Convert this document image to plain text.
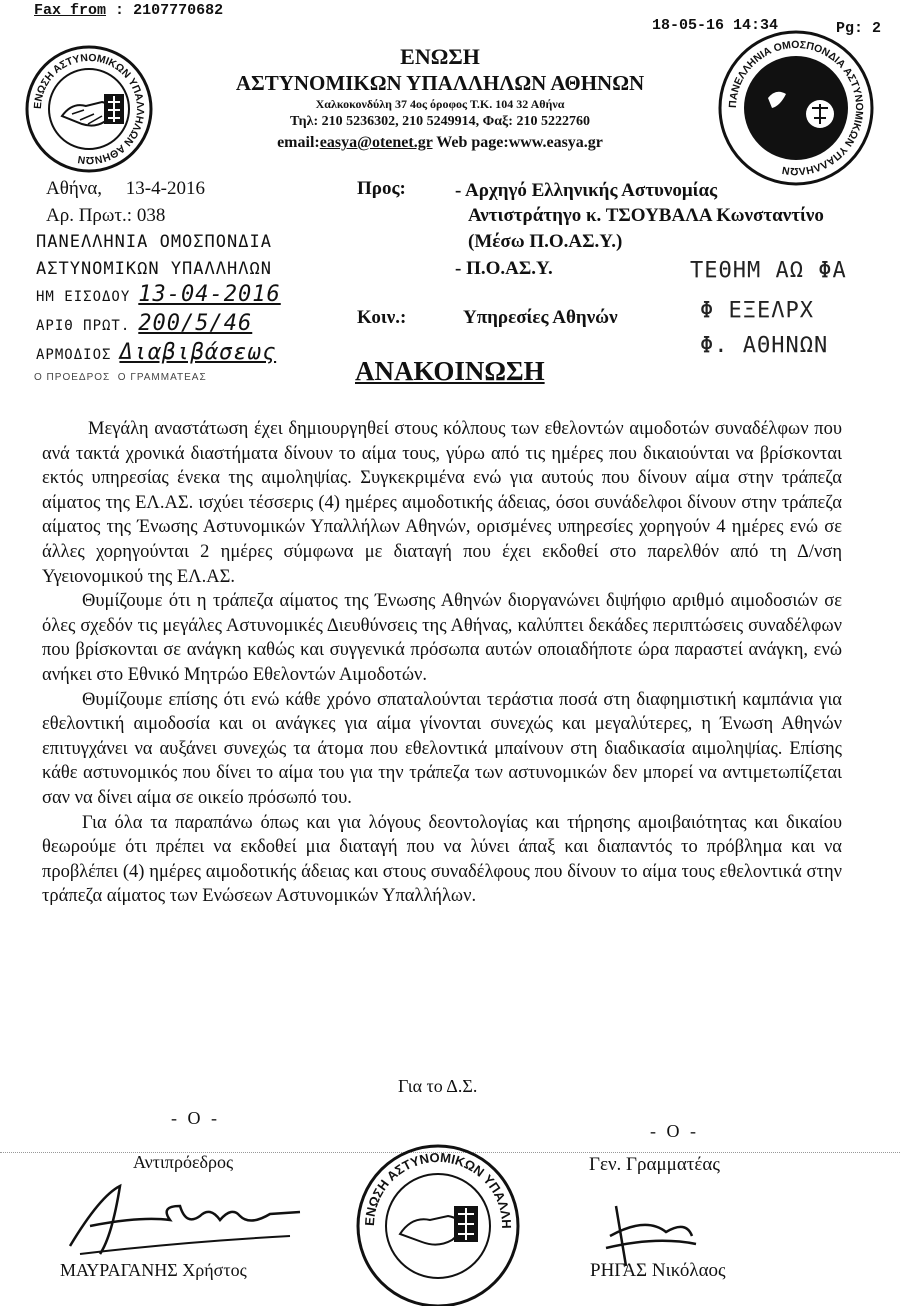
Fax from : 2107770682
18-05-16 14:34	Pg: 2
ΕΝΩΣΗ ΑΣΤΥΝΟΜΙΚΩΝ ΥΠΑΛΛΗΛΩΝ ΑΘΗΝΩΝ
ΕΝΩΣΗ
ΑΣΤΥΝΟΜΙΚΩΝ ΥΠΑΛΛΗΛΩΝ ΑΘΗΝΩΝ
Χαλκοκονδύλη 37 4ος όροφος Τ.Κ. 104 32 Αθήνα
Τηλ: 210 5236302, 210 5249914, Φαξ: 210 5222760
email:easya@otenet.gr Web page:www.easya.gr
ΠΑΝΕΛΛΗΝΙΑ ΟΜΟΣΠΟΝΔΙΑ ΑΣΤΥΝΟΜΙΚΩΝ ΥΠΑΛΛΗΛΩΝ
Αθήνα,     13-4-2016
Αρ. Πρωτ.: 038
ΠΑΝΕΛΛΗΝΙΑ ΟΜΟΣΠΟΝΔΙΑ
ΑΣΤΥΝΟΜΙΚΩΝ ΥΠΑΛΛΗΛΩΝ
ΗΜ ΕΙΣΟΔΟΥ 13-04-2016
ΑΡΙΘ ΠΡΩΤ. 200/5/46
ΑΡΜΟΔΙΟΣ Διαβιβάσεως
Ο ΠΡΟΕΔΡΟΣ  Ο ΓΡΑΜΜΑΤΕΑΣ
Προς:	- Αρχηγό Ελληνικής Αστυνομίας
Αντιστράτηγο κ. ΤΣΟΥΒΑΛΑ Κωνσταντίνο
(Μέσω Π.Ο.ΑΣ.Υ.)
- Π.Ο.ΑΣ.Υ.
Κοιν.:	Υπηρεσίες Αθηνών
ΤΕΘΗΜ ΑΩ ΦΑ
Φ ΕΞΕΛΡΧ
Φ. ΑΘΗΝΩΝ
ΑΝΑΚΟΙΝΩΣΗ

Μεγάλη αναστάτωση έχει δημιουργηθεί στους κόλπους των εθελοντών αιμοδοτών συναδέλφων που ανά τακτά χρονικά διαστήματα δίνουν το αίμα τους, γύρω από τις ημέρες που δικαιούνται να βρίσκονται εκτός υπηρεσίας ένεκα της αιμοληψίας. Συγκεκριμένα ενώ για αυτούς που δίνουν αίμα στην τράπεζα αίματος της ΕΛ.ΑΣ. ισχύει τέσσερις (4) ημέρες αιμοδοτικής άδειας, όσοι συνάδελφοι δίνουν στην τράπεζα αίματος της Ένωσης Αστυνομικών Υπαλλήλων Αθηνών, ορισμένες υπηρεσίες χορηγούν 4 ημέρες ενώ σε άλλες χορηγούνται 2 ημέρες σύμφωνα με διαταγή που έχει εκδοθεί στο παρελθόν από τη Δ/νση Υγειονομικού της ΕΛ.ΑΣ.

Θυμίζουμε ότι η τράπεζα αίματος της Ένωσης Αθηνών διοργανώνει διψήφιο αριθμό αιμοδοσιών σε όλες σχεδόν τις μεγάλες Αστυνομικές Διευθύνσεις της Αθήνας, καλύπτει δεκάδες περιπτώσεις συναδέλφων που βρίσκονται σε ανάγκη καθώς και συγγενικά πρόσωπα αυτών οποιαδήποτε ώρα παραστεί ανάγκη, ενώ ανήκει στο Εθνικό Μητρώο Εθελοντών Αιμοδοτών.

Θυμίζουμε επίσης ότι ενώ κάθε χρόνο σπαταλούνται τεράστια ποσά στη διαφημιστική καμπάνια για εθελοντική αιμοδοσία και οι ανάγκες για αίμα γίνονται συνεχώς και μεγαλύτερες, η Ένωση Αθηνών επιτυγχάνει να αυξάνει συνεχώς τα άτομα που εθελοντικά μπαίνουν στη διαδικασία αιμοληψίας. Επίσης κάθε αστυνομικός που δίνει το αίμα του για την τράπεζα των αστυνομικών δεν μπορεί να αντιμετωπίζεται σαν να δίνει αίμα σε οικείο πρόσωπό του.

Για όλα τα παραπάνω όπως και για λόγους δεοντολογίας και τήρησης αμοιβαιότητας και δικαίου θεωρούμε ότι πρέπει να εκδοθεί μια διαταγή που να λύνει άπαξ και διαπαντός το πρόβλημα και να προβλέπει (4) ημέρες αιμοδοτικής άδειας και στους συναδέλφους που δίνουν το αίμα τους εθελοντικά στην τράπεζα αίματος των Ενώσεων Αστυνομικών Υπαλλήλων.

Για το Δ.Σ.
- Ο -
- Ο -
Αντιπρόεδρος	Γεν. Γραμματέας
ΕΝΩΣΗ ΑΣΤΥΝΟΜΙΚΩΝ ΥΠΑΛΛΗ
ΜΑΥΡΑΓΑΝΗΣ Χρήστος	ΡΗΓΑΣ Νικόλαος
